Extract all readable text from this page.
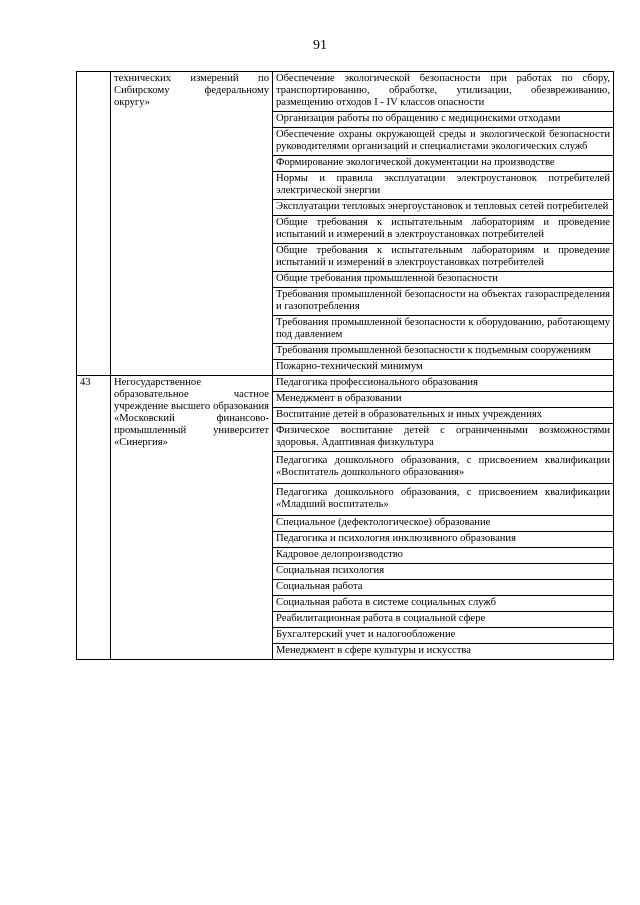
91
	технических измерений по Сибирскому федеральному округу»	Обеспечение экологической безопасности при работах по сбору, транспортированию, обработке, утилизации, обезвреживанию, размещению отходов I - IV классов опасности
		Организация работы по обращению с медицинскими отходами
		Обеспечение охраны окружающей среды и экологической безопасности руководителями организаций и специалистами экологических служб
		Формирование экологической документации на производстве
		Нормы и правила эксплуатации электроустановок потребителей электрической энергии
		Эксплуатации тепловых энергоустановок и тепловых сетей потребителей
		Общие требования к испытательным лабораториям и проведение испытаний и измерений в электроустановках потребителей
		Общие требования к испытательным лабораториям и проведение испытаний и измерений в электроустановках потребителей
		Общие требования промышленной безопасности
		Требования промышленной безопасности на объектах газораспределения и газопотребления
		Требования промышленной безопасности к оборудованию, работающему под давлением
		Требования промышленной безопасности к подъемным сооружениям
		Пожарно-технический минимум
43	Негосударственное образовательное частное учреждение высшего образования «Московский финансово-промышленный университет «Синергия»	Педагогика профессионального образования
		Менеджмент в образовании
		Воспитание детей в образовательных и иных учреждениях
		Физическое воспитание детей с ограниченными возможностями здоровья. Адаптивная физкультура
		Педагогика дошкольного образования, с присвоением квалификации «Воспитатель дошкольного образования»
		Педагогика дошкольного образования, с присвоением квалификации «Младший воспитатель»
		Специальное (дефектологическое) образование
		Педагогика и психология инклюзивного образования
		Кадровое делопроизводство
		Социальная психология
		Социальная работа
		Социальная работа в системе социальных служб
		Реабилитационная работа в социальной сфере
		Бухгалтерский учет и налогообложение
		Менеджмент в сфере культуры и искусства
